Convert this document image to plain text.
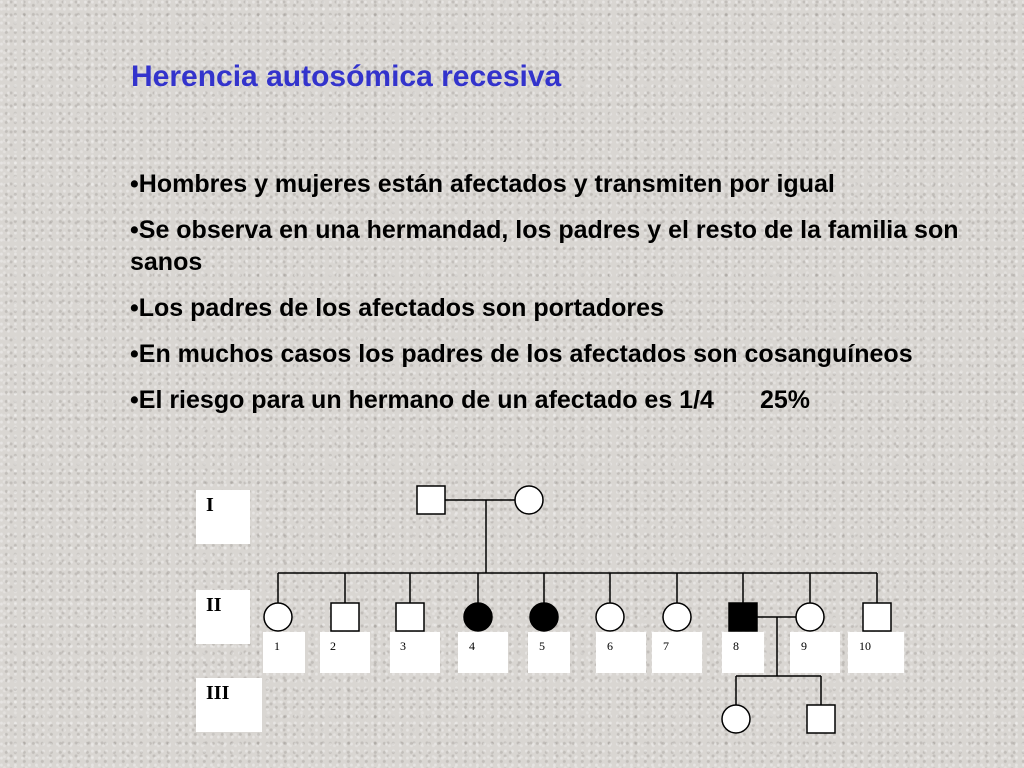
Herencia autosómica recesiva
• Hombres y mujeres están afectados y transmiten por igual
• Se observa en una hermandad, los padres y el resto de la familia son sanos
• Los padres de los afectados son portadores
• En muchos casos los padres de los afectados son cosanguíneos
• El riesgo para un hermano de un afectado es 1/4 25%
I
II
III
1	2	3	4	5	6	7	8	9	10
